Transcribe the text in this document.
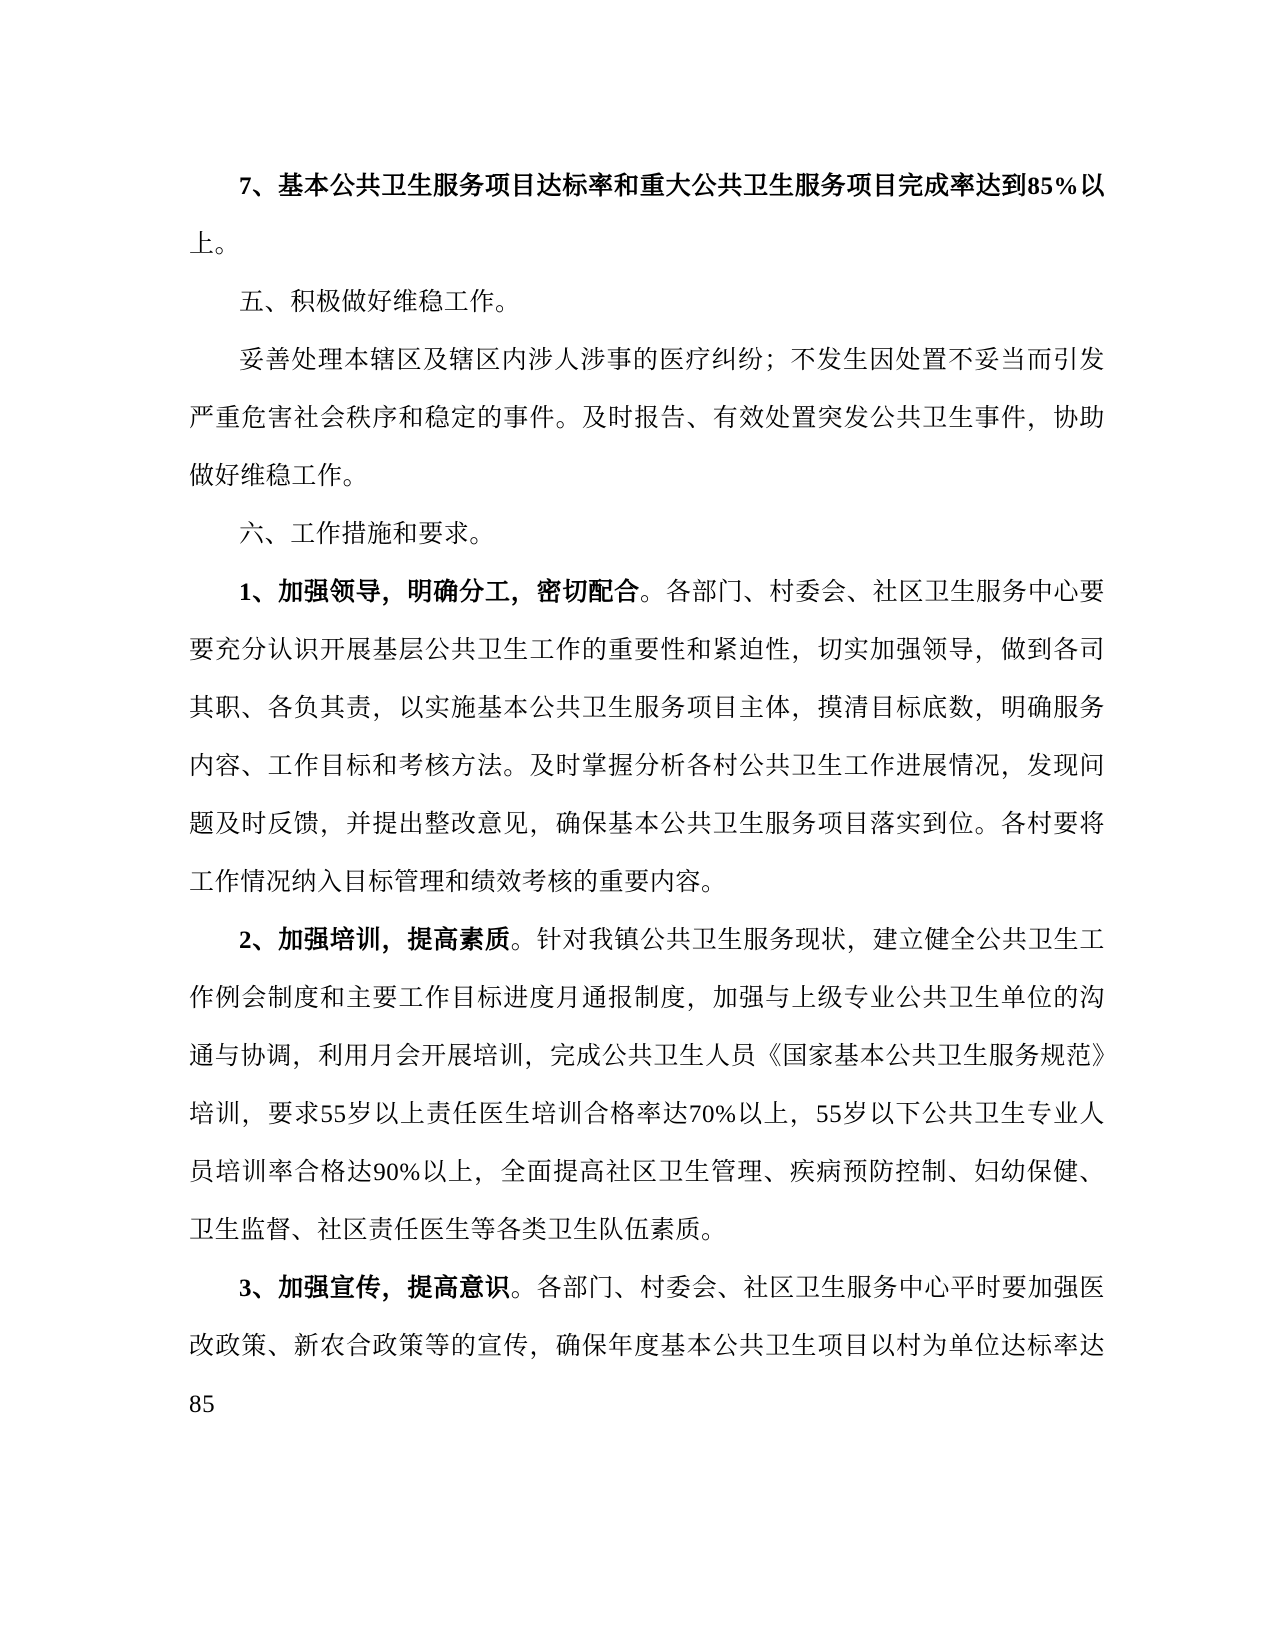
7、基本公共卫生服务项目达标率和重大公共卫生服务项目完成率达到85%以上。

五、积极做好维稳工作。

妥善处理本辖区及辖区内涉人涉事的医疗纠纷；不发生因处置不妥当而引发严重危害社会秩序和稳定的事件。及时报告、有效处置突发公共卫生事件，协助做好维稳工作。

六、工作措施和要求。

1、加强领导，明确分工，密切配合。各部门、村委会、社区卫生服务中心要要充分认识开展基层公共卫生工作的重要性和紧迫性，切实加强领导，做到各司其职、各负其责，以实施基本公共卫生服务项目主体，摸清目标底数，明确服务内容、工作目标和考核方法。及时掌握分析各村公共卫生工作进展情况，发现问题及时反馈，并提出整改意见，确保基本公共卫生服务项目落实到位。各村要将工作情况纳入目标管理和绩效考核的重要内容。

2、加强培训，提高素质。针对我镇公共卫生服务现状，建立健全公共卫生工作例会制度和主要工作目标进度月通报制度，加强与上级专业公共卫生单位的沟通与协调，利用月会开展培训，完成公共卫生人员《国家基本公共卫生服务规范》培训，要求55岁以上责任医生培训合格率达70%以上，55岁以下公共卫生专业人员培训率合格达90%以上，全面提高社区卫生管理、疾病预防控制、妇幼保健、卫生监督、社区责任医生等各类卫生队伍素质。

3、加强宣传，提高意识。各部门、村委会、社区卫生服务中心平时要加强医改政策、新农合政策等的宣传，确保年度基本公共卫生项目以村为单位达标率达85
